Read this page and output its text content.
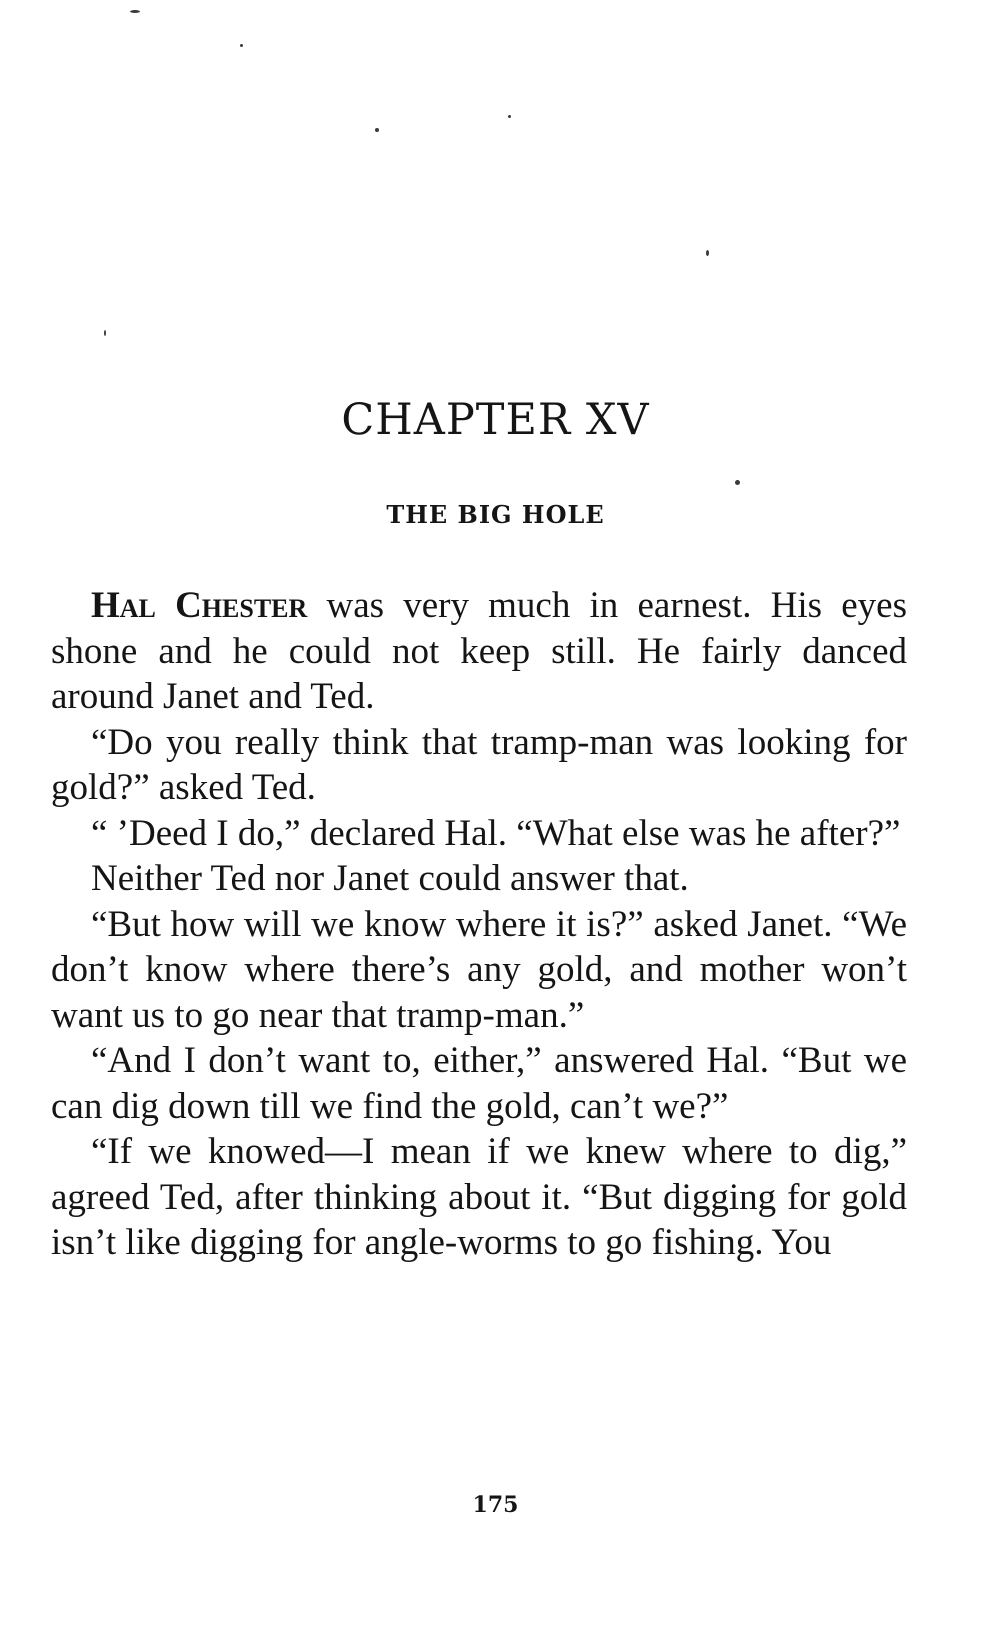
CHAPTER XV
THE BIG HOLE

Hal Chester was very much in earnest. His eyes shone and he could not keep still. He fairly danced around Janet and Ted.

“Do you really think that tramp-man was looking for gold?” asked Ted.

“ ’Deed I do,” declared Hal. “What else was he after?”

Neither Ted nor Janet could answer that.

“But how will we know where it is?” asked Janet. “We don’t know where there’s any gold, and mother won’t want us to go near that tramp-man.”

“And I don’t want to, either,” answered Hal. “But we can dig down till we find the gold, can’t we?”

“If we knowed—I mean if we knew where to dig,” agreed Ted, after thinking about it. “But digging for gold isn’t like digging for angle-worms to go fishing. You

175
